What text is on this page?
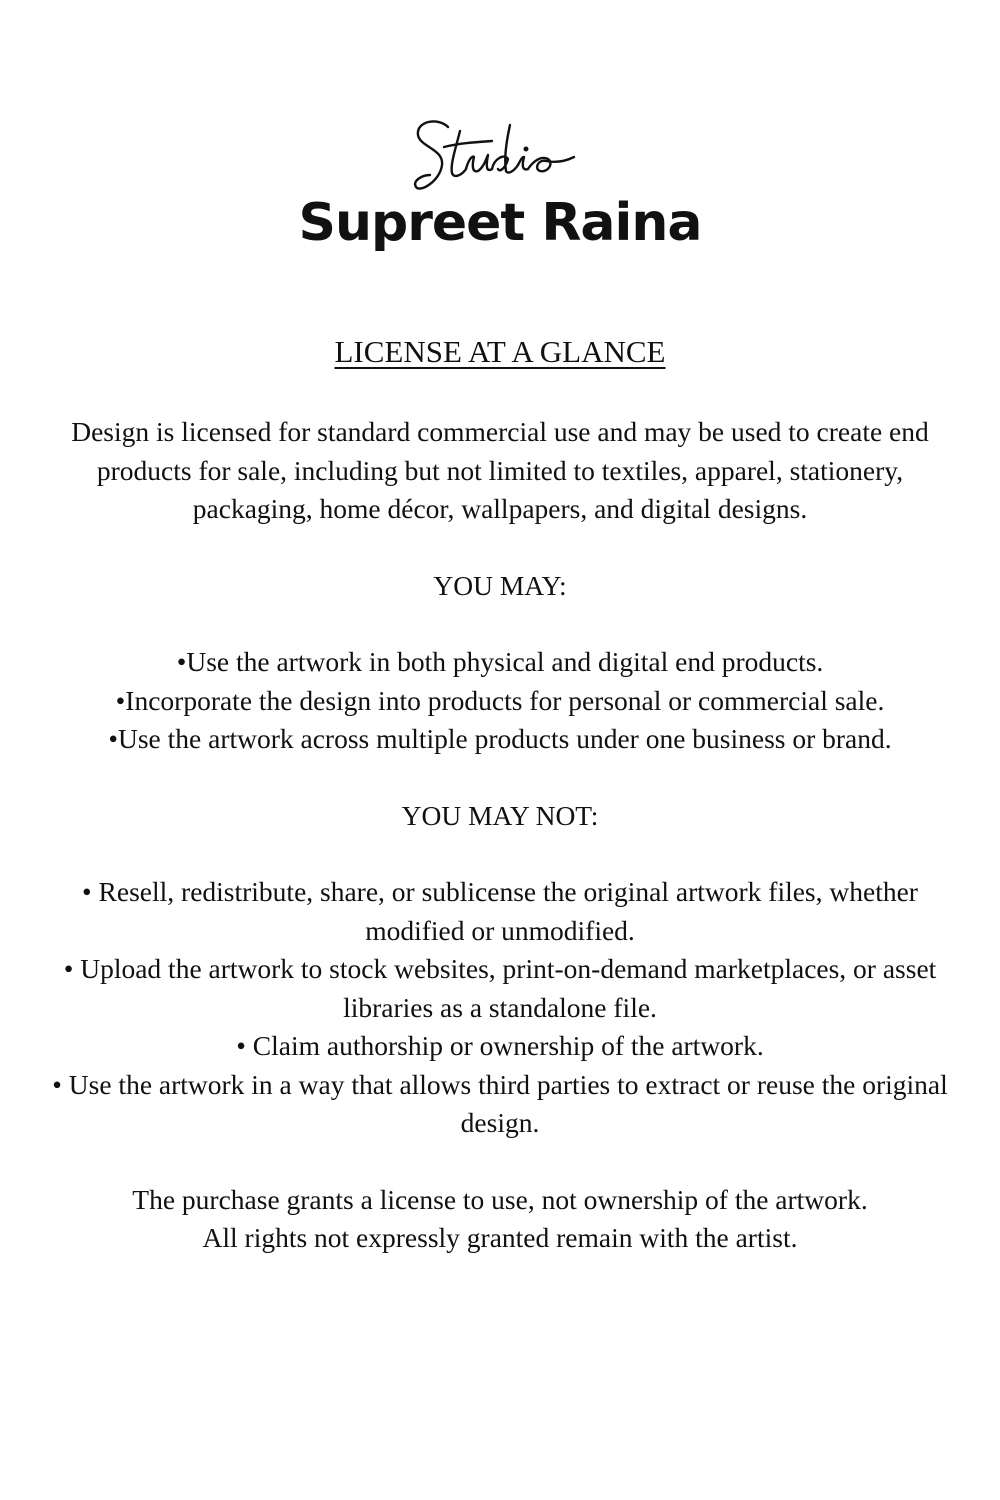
Supreet Raina
LICENSE AT A GLANCE

Design is licensed for standard commercial use and may be used to create end products for sale, including but not limited to textiles, apparel, stationery, packaging, home décor, wallpapers, and digital designs.

YOU MAY:
•Use the artwork in both physical and digital end products.
•Incorporate the design into products for personal or commercial sale.
•Use the artwork across multiple products under one business or brand.
YOU MAY NOT:
• Resell, redistribute, share, or sublicense the original artwork files, whether modified or unmodified.
• Upload the artwork to stock websites, print-on-demand marketplaces, or asset libraries as a standalone file.
• Claim authorship or ownership of the artwork.
• Use the artwork in a way that allows third parties to extract or reuse the original design.

The purchase grants a license to use, not ownership of the artwork.
All rights not expressly granted remain with the artist.
